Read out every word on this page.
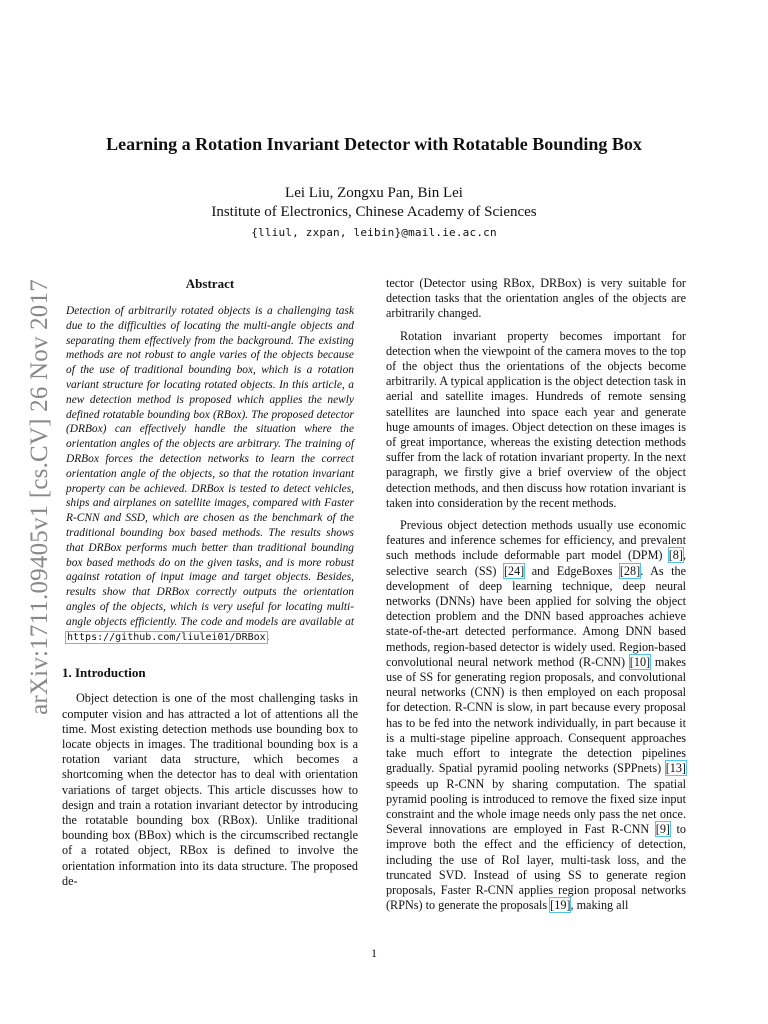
arXiv:1711.09405v1 [cs.CV] 26 Nov 2017
Learning a Rotation Invariant Detector with Rotatable Bounding Box
Lei Liu, Zongxu Pan, Bin Lei
Institute of Electronics, Chinese Academy of Sciences
{lliul, zxpan, leibin}@mail.ie.ac.cn
Abstract
Detection of arbitrarily rotated objects is a challenging task due to the difficulties of locating the multi-angle objects and separating them effectively from the background. The existing methods are not robust to angle varies of the objects because of the use of traditional bounding box, which is a rotation variant structure for locating rotated objects. In this article, a new detection method is proposed which applies the newly defined rotatable bounding box (RBox). The proposed detector (DRBox) can effectively handle the situation where the orientation angles of the objects are arbitrary. The training of DRBox forces the detection networks to learn the correct orientation angle of the objects, so that the rotation invariant property can be achieved. DRBox is tested to detect vehicles, ships and airplanes on satellite images, compared with Faster R-CNN and SSD, which are chosen as the benchmark of the traditional bounding box based methods. The results shows that DRBox performs much better than traditional bounding box based methods do on the given tasks, and is more robust against rotation of input image and target objects. Besides, results show that DRBox correctly outputs the orientation angles of the objects, which is very useful for locating multi-angle objects efficiently. The code and models are available at https://github.com/liulei01/DRBox.
1. Introduction

Object detection is one of the most challenging tasks in computer vision and has attracted a lot of attentions all the time. Most existing detection methods use bounding box to locate objects in images. The traditional bounding box is a rotation variant data structure, which becomes a shortcoming when the detector has to deal with orientation variations of target objects. This article discusses how to design and train a rotation invariant detector by introducing the rotatable bounding box (RBox). Unlike traditional bounding box (BBox) which is the circumscribed rectangle of a rotated object, RBox is defined to involve the orientation information into its data structure. The proposed de-

tector (Detector using RBox, DRBox) is very suitable for detection tasks that the orientation angles of the objects are arbitrarily changed.

Rotation invariant property becomes important for detection when the viewpoint of the camera moves to the top of the object thus the orientations of the objects become arbitrarily. A typical application is the object detection task in aerial and satellite images. Hundreds of remote sensing satellites are launched into space each year and generate huge amounts of images. Object detection on these images is of great importance, whereas the existing detection methods suffer from the lack of rotation invariant property. In the next paragraph, we firstly give a brief overview of the object detection methods, and then discuss how rotation invariant is taken into consideration by the recent methods.

Previous object detection methods usually use economic features and inference schemes for efficiency, and prevalent such methods include deformable part model (DPM) [8], selective search (SS) [24] and EdgeBoxes [28]. As the development of deep learning technique, deep neural networks (DNNs) have been applied for solving the object detection problem and the DNN based approaches achieve state-of-the-art detected performance. Among DNN based methods, region-based detector is widely used. Region-based convolutional neural network method (R-CNN) [10] makes use of SS for generating region proposals, and convolutional neural networks (CNN) is then employed on each proposal for detection. R-CNN is slow, in part because every proposal has to be fed into the network individually, in part because it is a multi-stage pipeline approach. Consequent approaches take much effort to integrate the detection pipelines gradually. Spatial pyramid pooling networks (SPPnets) [13] speeds up R-CNN by sharing computation. The spatial pyramid pooling is introduced to remove the fixed size input constraint and the whole image needs only pass the net once. Several innovations are employed in Fast R-CNN [9] to improve both the effect and the efficiency of detection, including the use of RoI layer, multi-task loss, and the truncated SVD. Instead of using SS to generate region proposals, Faster R-CNN applies region proposal networks (RPNs) to generate the proposals [19], making all

1
